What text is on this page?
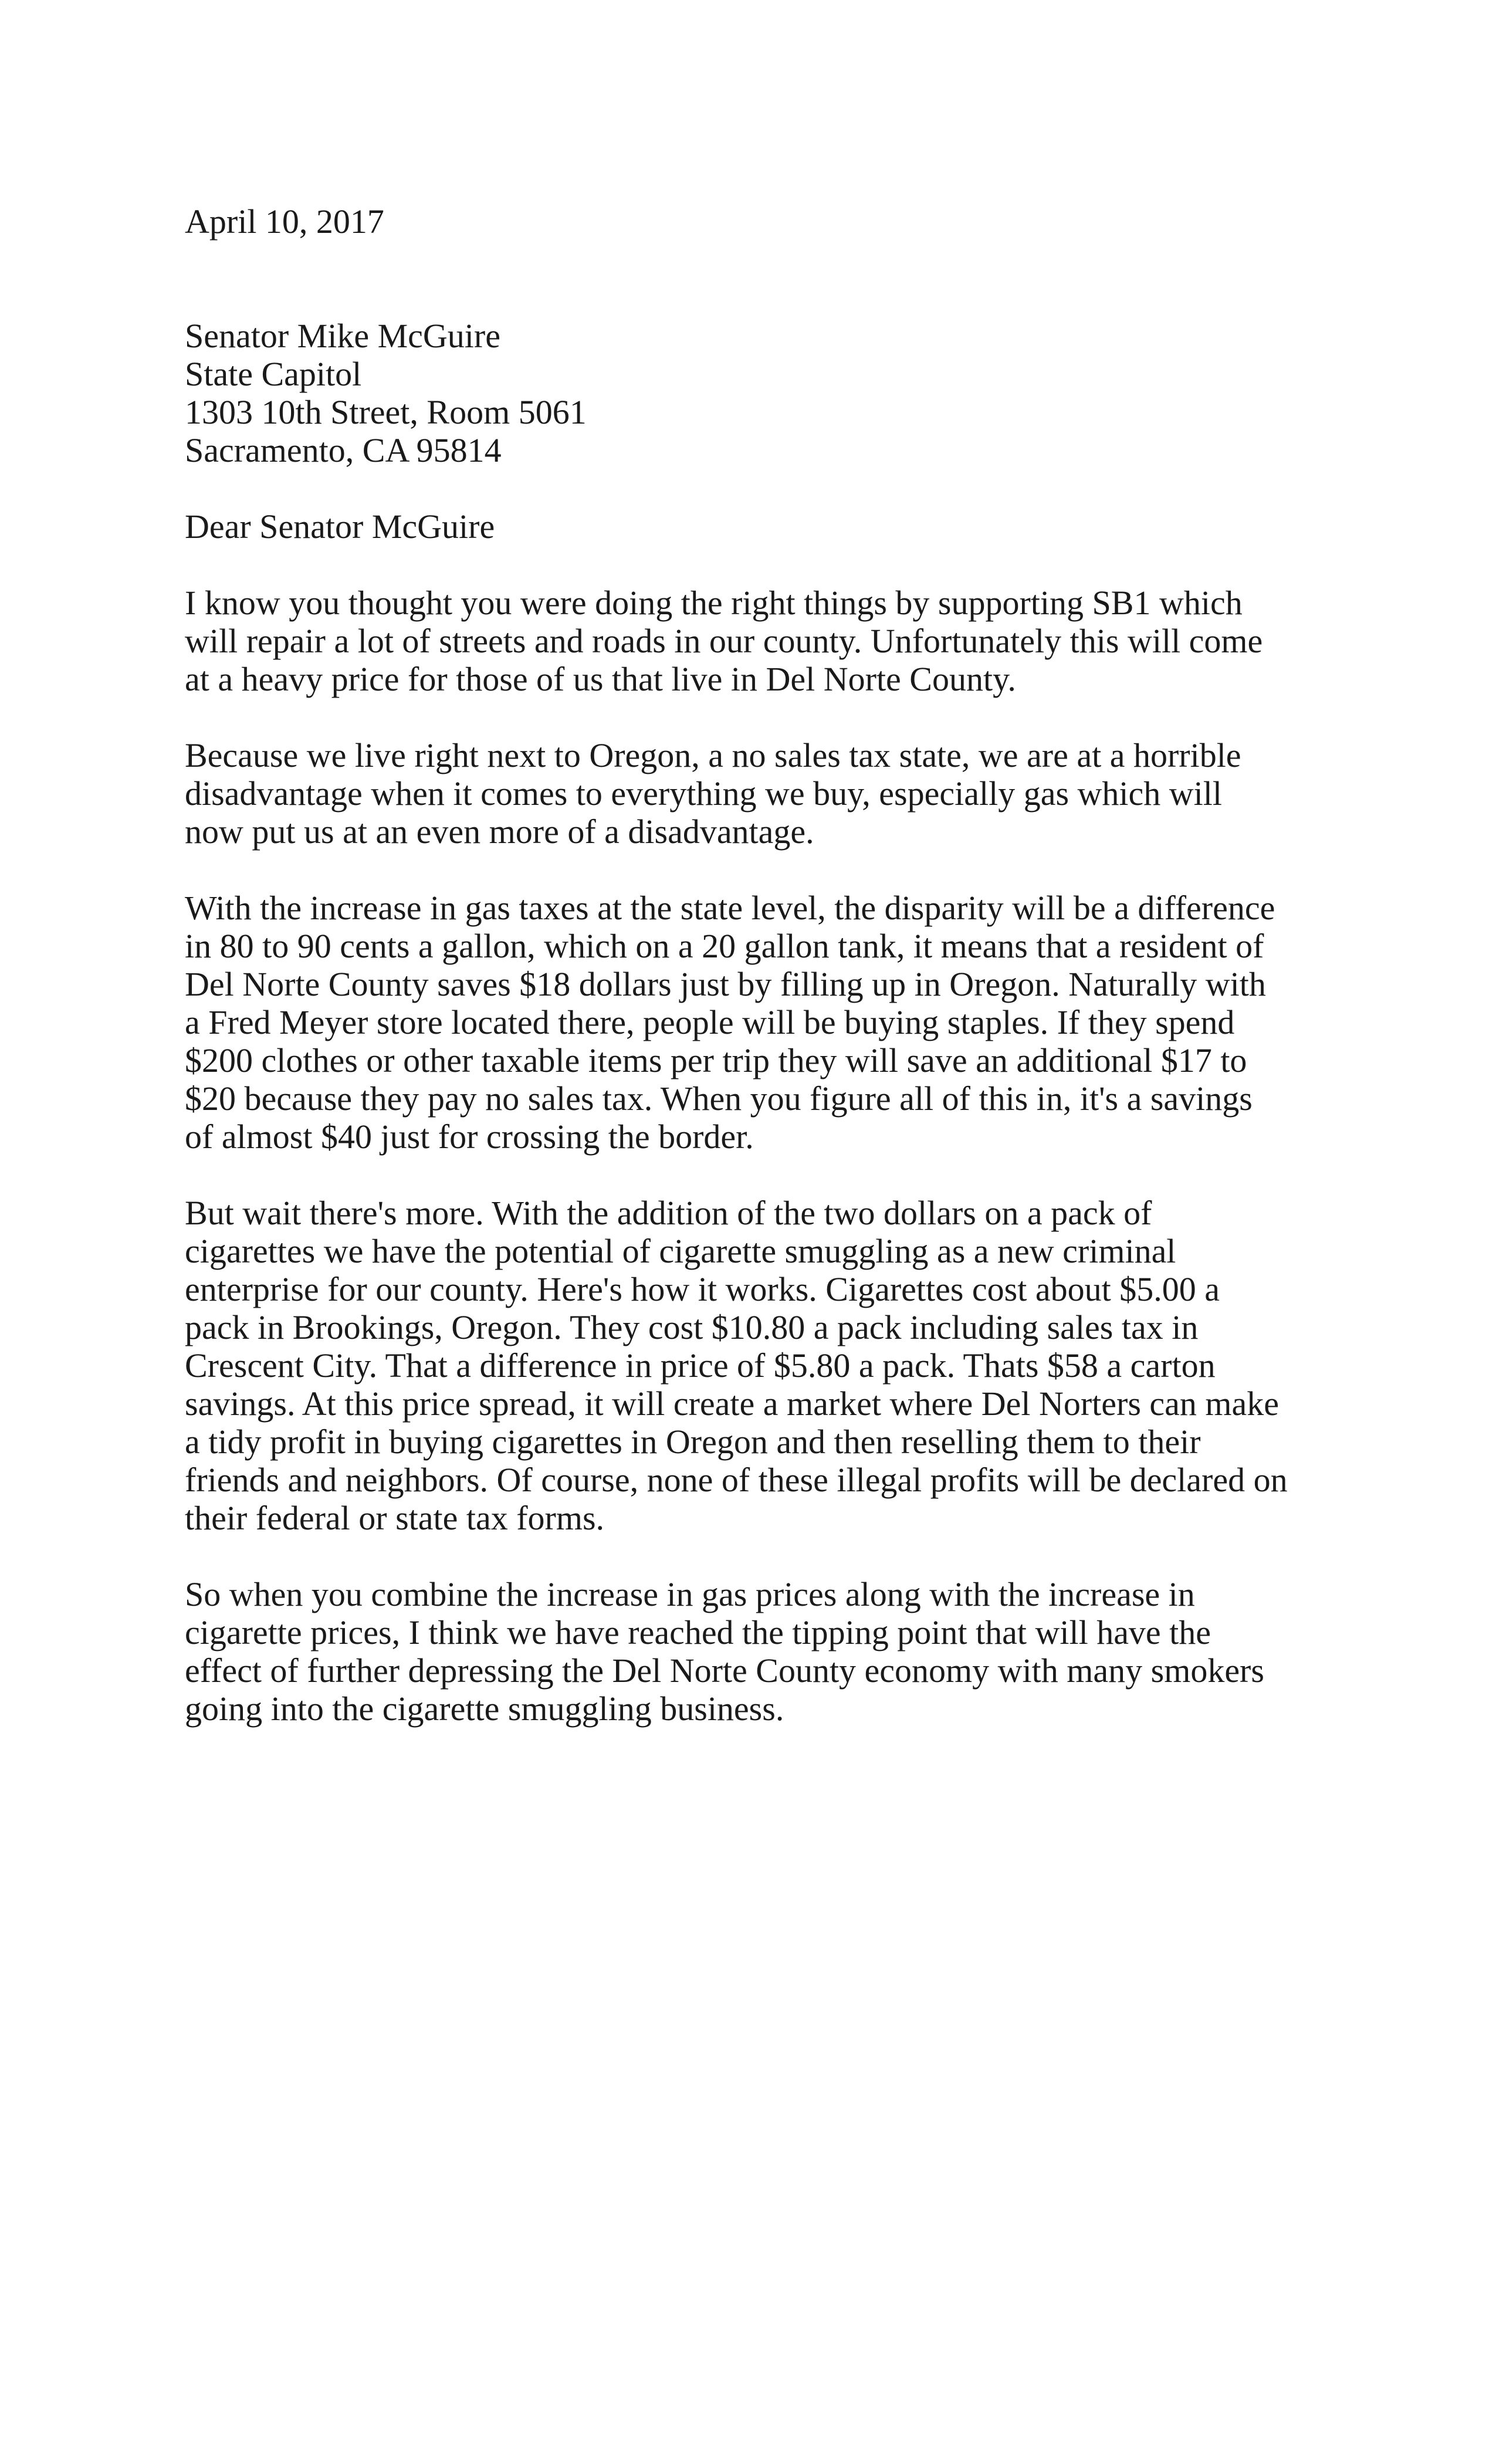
April 10, 2017
Senator Mike McGuire
State Capitol
1303 10th Street, Room 5061
Sacramento, CA 95814
Dear Senator McGuire
I know you thought you were doing the right things by supporting SB1 which will repair a lot of streets and roads in our county. Unfortunately this will come at a heavy price for those of us that live in Del Norte County.
Because we live right next to Oregon, a no sales tax state, we are at a horrible disadvantage when it comes to everything we buy, especially gas which will now put us at an even more of a disadvantage.
With the increase in gas taxes at the state level, the disparity will be a difference in 80 to 90 cents a gallon, which on a 20 gallon tank, it means that a resident of Del Norte County saves $18 dollars just by filling up in Oregon. Naturally with a Fred Meyer store located there, people will be buying staples. If they spend $200 clothes or other taxable items per trip they will save an additional $17 to $20 because they pay no sales tax. When you figure all of this in, it's a savings of almost $40 just for crossing the border.
But wait there's more. With the addition of the two dollars on a pack of cigarettes we have the potential of cigarette smuggling as a new criminal enterprise for our county. Here's how it works. Cigarettes cost about $5.00 a pack in Brookings, Oregon. They cost $10.80 a pack including sales tax in Crescent City. That a difference in price of $5.80 a pack. Thats $58 a carton savings. At this price spread, it will create a market where Del Norters can make a tidy profit in buying cigarettes in Oregon and then reselling them to their friends and neighbors. Of course, none of these illegal profits will be declared on their federal or state tax forms.
So when you combine the increase in gas prices along with the increase in cigarette prices, I think we have reached the tipping point that will have the effect of further depressing the Del Norte County economy with many smokers going into the cigarette smuggling business.
